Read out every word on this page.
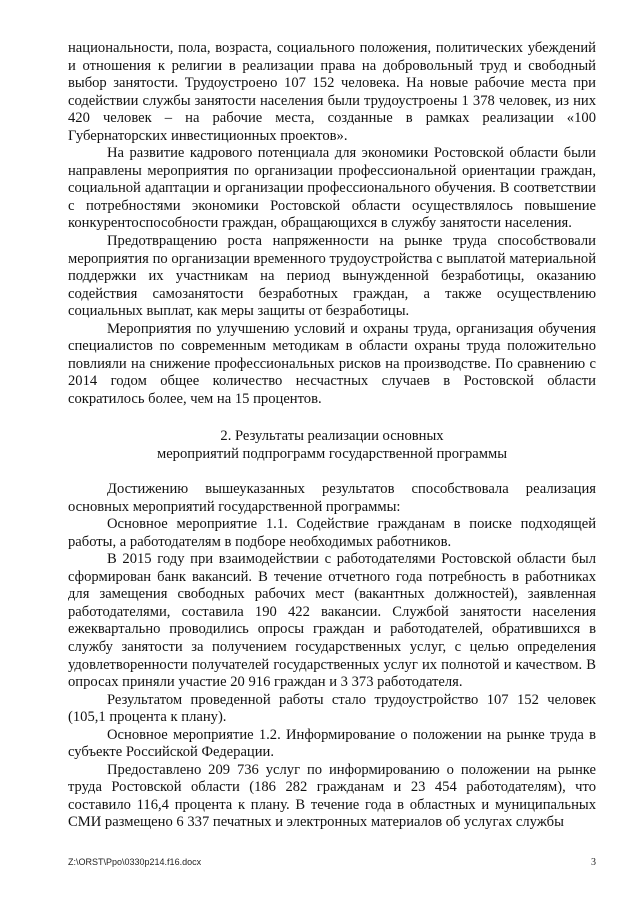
национальности, пола, возраста, социального положения, политических убеждений и отношения к религии в реализации права на добровольный труд и свободный выбор занятости. Трудоустроено 107 152 человека. На новые рабочие места при содействии службы занятости населения были трудоустроены 1 378 человек, из них 420 человек – на рабочие места, созданные в рамках реализации «100 Губернаторских инвестиционных проектов».

На развитие кадрового потенциала для экономики Ростовской области были направлены мероприятия по организации профессиональной ориентации граждан, социальной адаптации и организации профессионального обучения. В соответствии с потребностями экономики Ростовской области осуществлялось повышение конкурентоспособности граждан, обращающихся в службу занятости населения.

Предотвращению роста напряженности на рынке труда способствовали мероприятия по организации временного трудоустройства с выплатой материальной поддержки их участникам на период вынужденной безработицы, оказанию содействия самозанятости безработных граждан, а также осуществлению социальных выплат, как меры защиты от безработицы.

Мероприятия по улучшению условий и охраны труда, организация обучения специалистов по современным методикам в области охраны труда положительно повлияли на снижение профессиональных рисков на производстве. По сравнению с 2014 годом общее количество несчастных случаев в Ростовской области сократилось более, чем на 15 процентов.

2. Результаты реализации основных
мероприятий подпрограмм государственной программы

Достижению вышеуказанных результатов способствовала реализация основных мероприятий государственной программы:

Основное мероприятие 1.1. Содействие гражданам в поиске подходящей работы, а работодателям в подборе необходимых работников.

В 2015 году при взаимодействии с работодателями Ростовской области был сформирован банк вакансий. В течение отчетного года потребность в работниках для замещения свободных рабочих мест (вакантных должностей), заявленная работодателями, составила 190 422 вакансии. Службой занятости населения ежеквартально проводились опросы граждан и работодателей, обратившихся в службу занятости за получением государственных услуг, с целью определения удовлетворенности получателей государственных услуг их полнотой и качеством. В опросах приняли участие 20 916 граждан и 3 373 работодателя.

Результатом проведенной работы стало трудоустройство 107 152 человек (105,1 процента к плану).

Основное мероприятие 1.2. Информирование о положении на рынке труда в субъекте Российской Федерации.

Предоставлено 209 736 услуг по информированию о положении на рынке труда Ростовской области (186 282 гражданам и 23 454 работодателям), что составило 116,4 процента к плану. В течение года в областных и муниципальных СМИ размещено 6 337 печатных и электронных материалов об услугах службы

Z:\ORST\Ppo\0330p214.f16.docx	3
